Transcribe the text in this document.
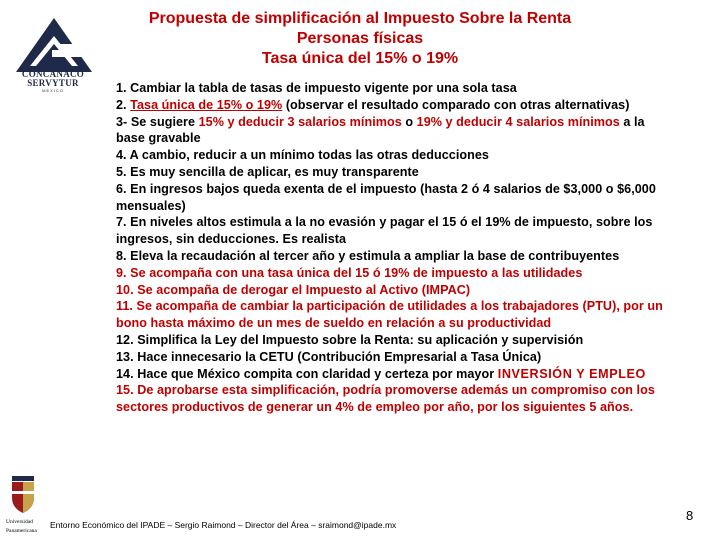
Propuesta de simplificación al Impuesto Sobre la Renta
Personas físicas
Tasa única del 15% o 19%
CONCANACO SERVYTUR
MEXICO	1. Cambiar la tabla de tasas de impuesto vigente por una sola tasa

2. Tasa única de 15% o 19% (observar el resultado comparado con otras alternativas)

3- Se sugiere 15% y deducir 3 salarios mínimos o 19% y deducir 4 salarios mínimos a la base gravable

4. A cambio, reducir a un mínimo todas las otras deducciones

5. Es muy sencilla de aplicar, es muy transparente

6. En ingresos bajos queda exenta de el impuesto (hasta 2 ó 4 salarios de $3,000 o $6,000 mensuales)

7. En niveles altos estimula a la no evasión y pagar el 15 ó el 19% de impuesto, sobre los ingresos, sin deducciones. Es realista

8. Eleva la recaudación al tercer año y estimula a ampliar la base de contribuyentes

9. Se acompaña con una tasa única del 15 ó 19% de impuesto a las utilidades

10. Se acompaña de derogar el Impuesto al Activo (IMPAC)

11. Se acompaña de cambiar la participación de utilidades a los trabajadores (PTU), por un bono hasta máximo de un mes de sueldo en relación a su productividad

12. Simplifica la Ley del Impuesto sobre la Renta: su aplicación y supervisión

13. Hace innecesario la CETU (Contribución Empresarial a Tasa Única)

14. Hace que México compita con claridad y certeza por mayor INVERSIÓN Y EMPLEO

15. De aprobarse esta simplificación, podría promoverse además un compromiso con los sectores productivos de generar un 4% de empleo por año, por los siguientes 5 años.

Universidad
Panamericana
Entorno Económico del IPADE – Sergio Raimond – Director del Área – sraimond@ipade.mx
8
